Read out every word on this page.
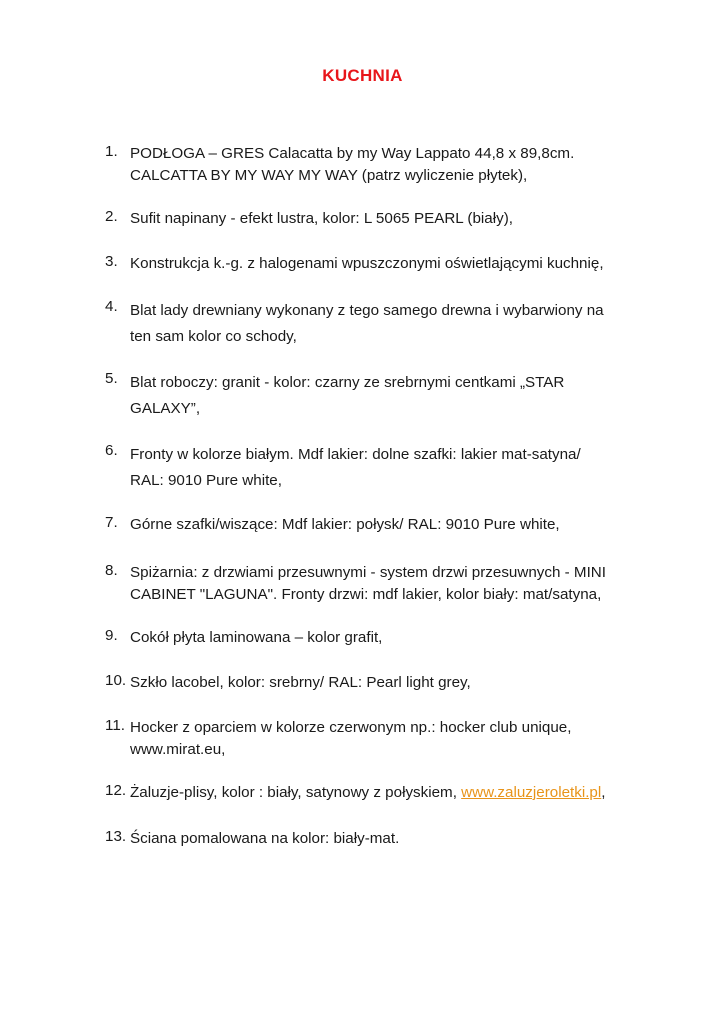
KUCHNIA
1. PODŁOGA – GRES Calacatta by my Way Lappato 44,8 x 89,8cm.
CALCATTA BY MY WAY MY WAY (patrz wyliczenie płytek),
2. Sufit napinany - efekt lustra, kolor: L 5065 PEARL (biały),
3. Konstrukcja k.-g. z halogenami wpuszczonymi oświetlającymi kuchnię,
4. Blat lady drewniany wykonany z tego samego drewna i wybarwiony na
ten sam kolor co schody,
5. Blat roboczy: granit - kolor: czarny ze srebrnymi centkami „STAR
GALAXY”,
6. Fronty w kolorze białym. Mdf lakier: dolne szafki: lakier mat-satyna/
RAL: 9010 Pure white,
7. Górne szafki/wiszące: Mdf lakier: połysk/ RAL: 9010 Pure white,
8. Spiżarnia: z drzwiami przesuwnymi - system drzwi przesuwnych - MINI
CABINET "LAGUNA". Fronty drzwi: mdf lakier, kolor biały: mat/satyna,
9. Cokół płyta laminowana – kolor grafit,
10. Szkło lacobel, kolor: srebrny/ RAL: Pearl light grey,
11. Hocker z oparciem w kolorze czerwonym np.: hocker club unique,
www.mirat.eu,
12. Żaluzje-plisy, kolor : biały, satynowy z połyskiem, www.zaluzjeroletki.pl,
13. Ściana pomalowana na kolor: biały-mat.
